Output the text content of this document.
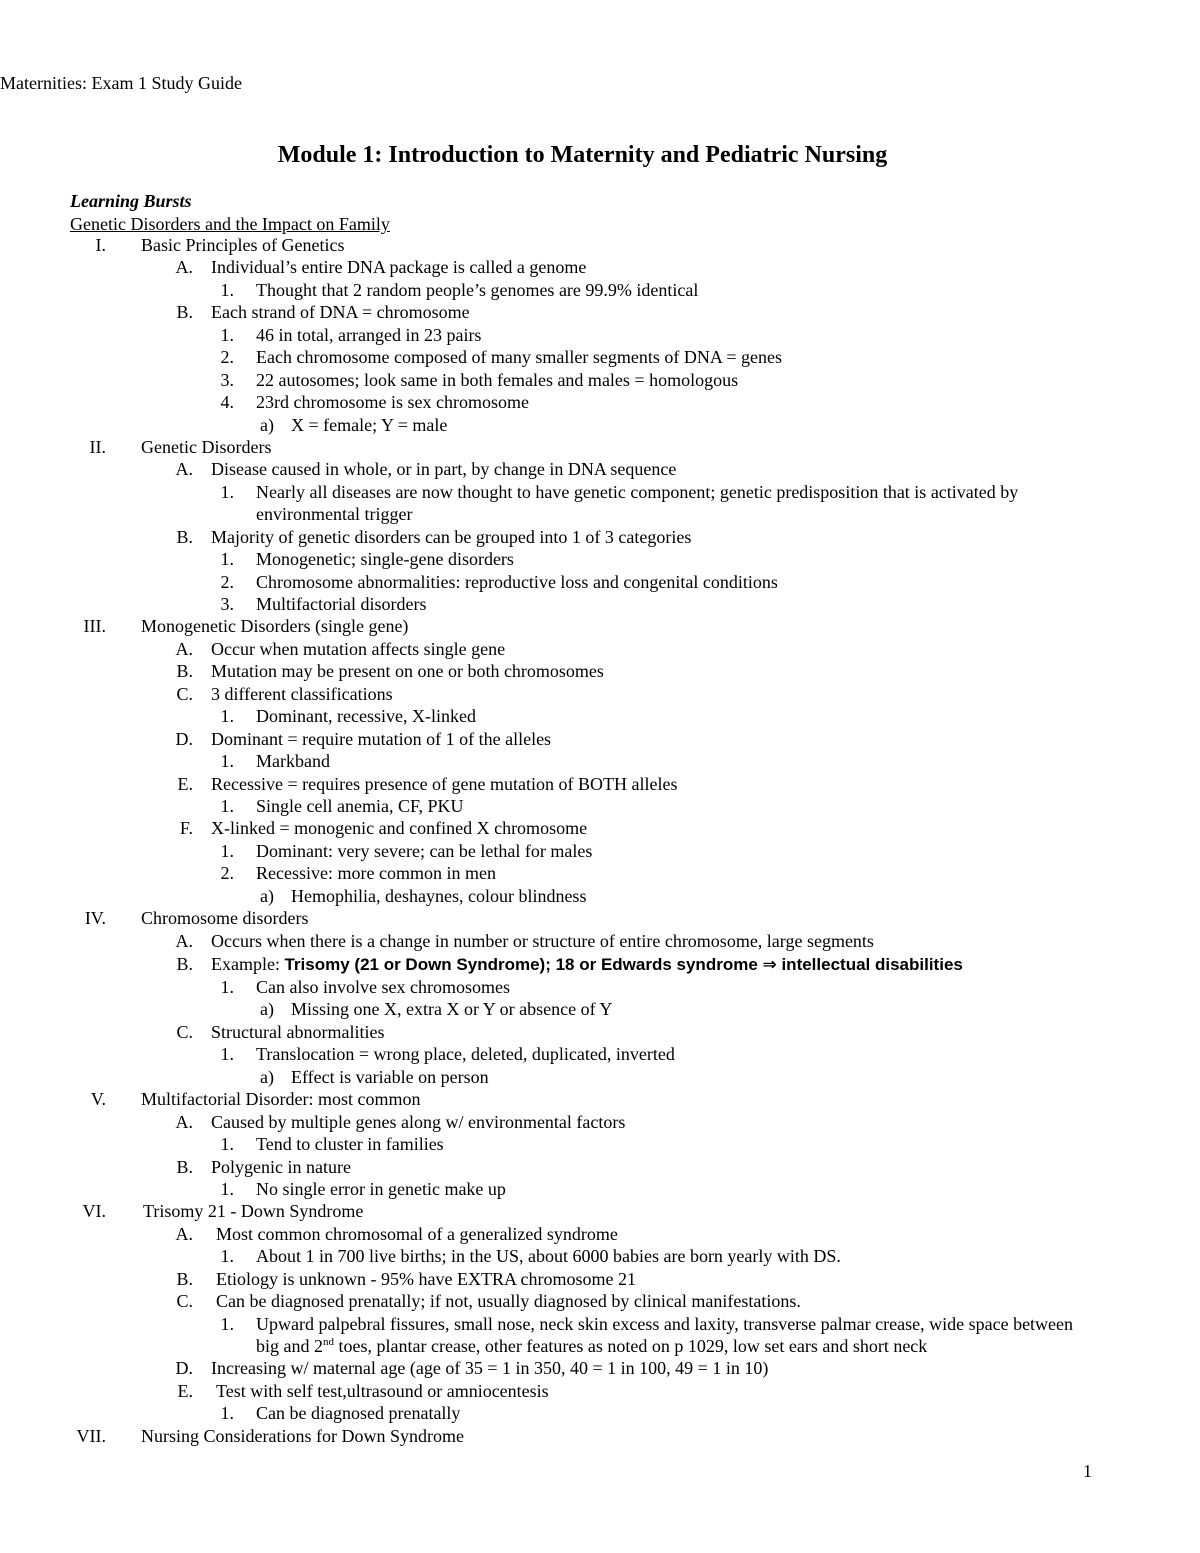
Maternities: Exam 1 Study Guide
Module 1: Introduction to Maternity and Pediatric Nursing
Learning Bursts
Genetic Disorders and the Impact on Family
I. Basic Principles of Genetics
A. Individual’s entire DNA package is called a genome
1. Thought that 2 random people’s genomes are 99.9% identical
B. Each strand of DNA = chromosome
1. 46 in total, arranged in 23 pairs
2. Each chromosome composed of many smaller segments of DNA = genes
3. 22 autosomes; look same in both females and males = homologous
4. 23rd chromosome is sex chromosome
a) X = female; Y = male
II. Genetic Disorders
A. Disease caused in whole, or in part, by change in DNA sequence
1. Nearly all diseases are now thought to have genetic component; genetic predisposition that is activated by environmental trigger
B. Majority of genetic disorders can be grouped into 1 of 3 categories
1. Monogenetic; single-gene disorders
2. Chromosome abnormalities: reproductive loss and congenital conditions
3. Multifactorial disorders
III. Monogenetic Disorders (single gene)
A. Occur when mutation affects single gene
B. Mutation may be present on one or both chromosomes
C. 3 different classifications
1. Dominant, recessive, X-linked
D. Dominant = require mutation of 1 of the alleles
1. Markband
E. Recessive = requires presence of gene mutation of BOTH alleles
1. Single cell anemia, CF, PKU
F. X-linked = monogenic and confined X chromosome
1. Dominant: very severe; can be lethal for males
2. Recessive: more common in men
a) Hemophilia, deshaynes, colour blindness
IV. Chromosome disorders
A. Occurs when there is a change in number or structure of entire chromosome, large segments
B. Example: Trisomy (21 or Down Syndrome); 18 or Edwards syndrome ⇒ intellectual disabilities
1. Can also involve sex chromosomes
a) Missing one X, extra X or Y or absence of Y
C. Structural abnormalities
1. Translocation = wrong place, deleted, duplicated, inverted
a) Effect is variable on person
V. Multifactorial Disorder: most common
A. Caused by multiple genes along w/ environmental factors
1. Tend to cluster in families
B. Polygenic in nature
1. No single error in genetic make up
VI. Trisomy 21 - Down Syndrome
A. Most common chromosomal of a generalized syndrome
1. About 1 in 700 live births; in the US, about 6000 babies are born yearly with DS.
B. Etiology is unknown - 95% have EXTRA chromosome 21
C. Can be diagnosed prenatally; if not, usually diagnosed by clinical manifestations.
1. Upward palpebral fissures, small nose, neck skin excess and laxity, transverse palmar crease, wide space between big and 2nd toes, plantar crease, other features as noted on p 1029, low set ears and short neck
D. Increasing w/ maternal age (age of 35 = 1 in 350, 40 = 1 in 100, 49 = 1 in 10)
E. Test with self test,ultrasound or amniocentesis
1. Can be diagnosed prenatally
VII. Nursing Considerations for Down Syndrome
1
